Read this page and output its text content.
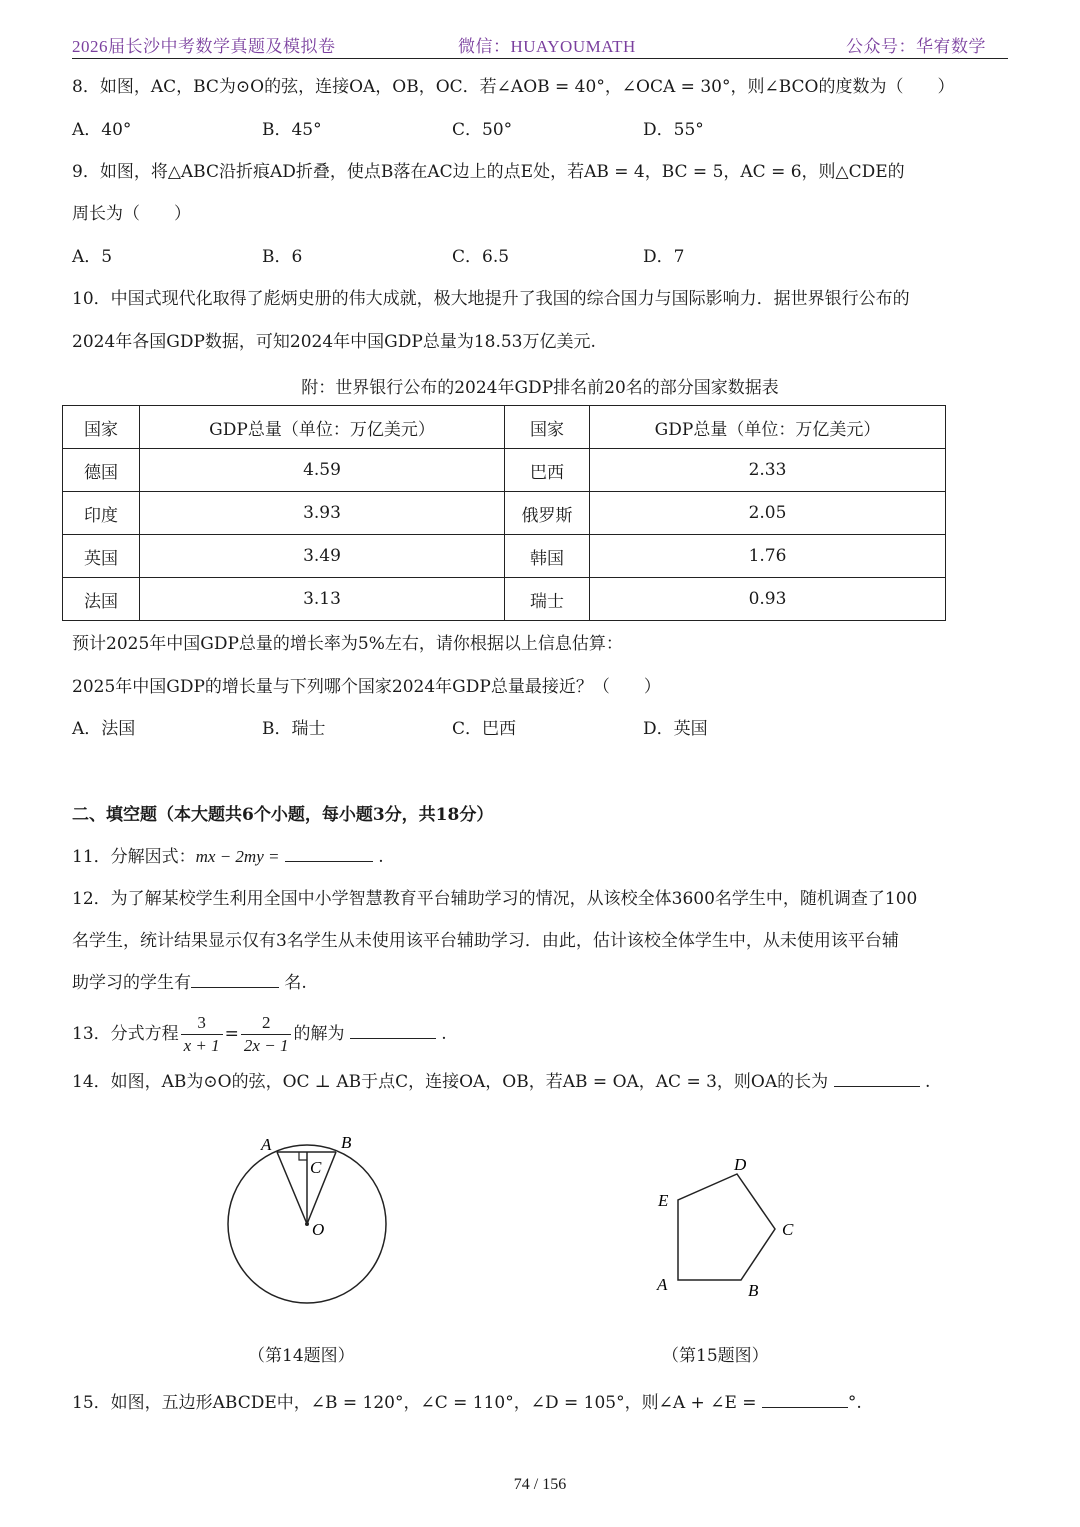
2026届长沙中考数学真题及模拟卷	微信：HUAYOUMATH	公众号：华宥数学
8．如图，AC，BC为⊙O的弦，连接OA，OB，OC．若∠AOB = 40°，∠OCA = 30°，则∠BCO的度数为（　　）
A．40°	B．45°	C．50°	D．55°
9．如图，将△ABC沿折痕AD折叠，使点B落在AC边上的点E处，若AB = 4，BC = 5，AC = 6，则△CDE的
周长为（　　）
A．5	B．6	C．6.5	D．7
10．中国式现代化取得了彪炳史册的伟大成就，极大地提升了我国的综合国力与国际影响力．据世界银行公布的
2024年各国GDP数据，可知2024年中国GDP总量为18.53万亿美元.
附：世界银行公布的2024年GDP排名前20名的部分国家数据表
国家	GDP总量（单位：万亿美元）	国家	GDP总量（单位：万亿美元）
德国	4.59	巴西	2.33
印度	3.93	俄罗斯	2.05
英国	3.49	韩国	1.76
法国	3.13	瑞士	0.93
预计2025年中国GDP总量的增长率为5%左右，请你根据以上信息估算：
2025年中国GDP的增长量与下列哪个国家2024年GDP总量最接近？（　　）
A．法国	B．瑞士	C．巴西	D．英国
二、填空题（本大题共6个小题，每小题3分，共18分）
11．分解因式：mx − 2my =	.
12．为了解某校学生利用全国中小学智慧教育平台辅助学习的情况，从该校全体3600名学生中，随机调查了100
名学生，统计结果显示仅有3名学生从未使用该平台辅助学习．由此，估计该校全体学生中，从未使用该平台辅
助学习的学生有	名.
13．分式方程 $\frac{3}{x + 1} = \frac{2}{2x - 1}$ 的解为	.
14．如图，AB为⊙O的弦，OC ⊥ AB于点C，连接OA，OB，若AB = OA，AC = 3，则OA的长为	.
A	B
C
O
（第14题图）
A	B
C
D
E
（第15题图）
15．如图，五边形ABCDE中，∠B = 120°，∠C = 110°，∠D = 105°，则∠A + ∠E =	°.
74 / 156
